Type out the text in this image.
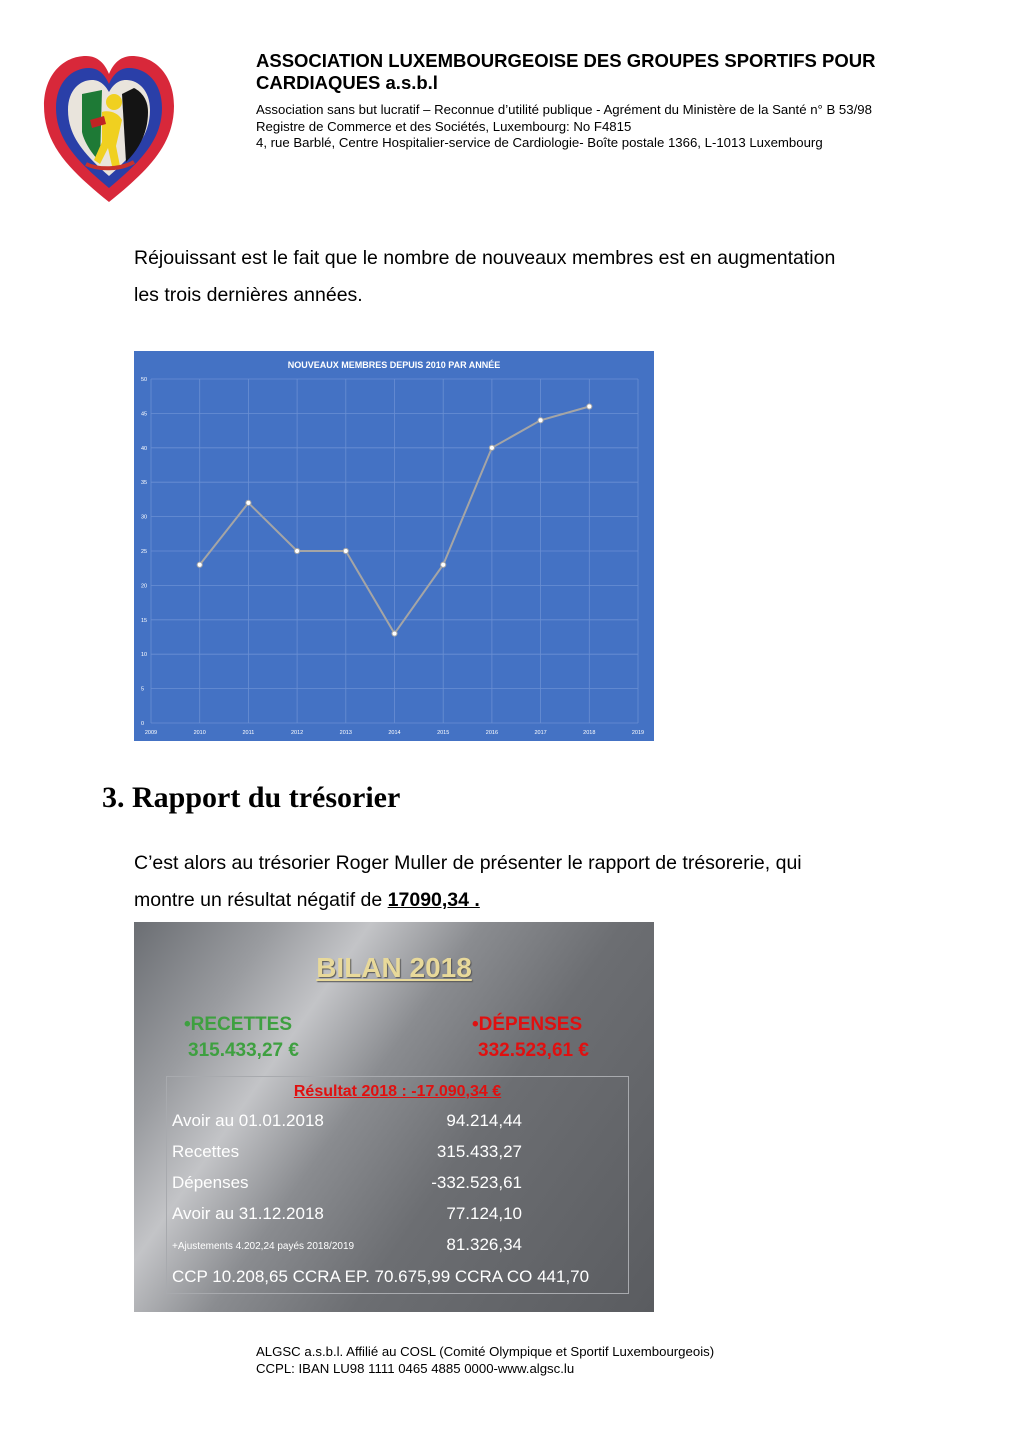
ASSOCIATION LUXEMBOURGEOISE DES GROUPES SPORTIFS POUR CARDIAQUES a.s.b.l
Association sans but lucratif – Reconnue d’utilité publique - Agrément du Ministère de la Santé n° B 53/98
Registre de Commerce et des Sociétés, Luxembourg: No F4815
4, rue Barblé, Centre Hospitalier-service de Cardiologie- Boîte postale 1366, L-1013 Luxembourg
Réjouissant est le fait que le nombre de nouveaux membres est en augmentation
les trois dernières années.
NOUVEAUX MEMBRES DEPUIS 2010 PAR ANNÉE
0
5
10
15
20
25
30
35
40
45
50
2009	2010	2011	2012	2013	2014	2015	2016	2017	2018	2019
3. Rapport du trésorier
C’est alors au trésorier Roger Muller de présenter le rapport de trésorerie, qui
montre un résultat négatif de 17090,34 .
BILAN 2018
•RECETTES
315.433,27 €
•DÉPENSES
332.523,61 €
Résultat 2018 : -17.090,34 €
Avoir au 01.01.2018	94.214,44
Recettes	315.433,27
Dépenses	-332.523,61
Avoir au 31.12.2018	77.124,10
+Ajustements 4.202,24 payés 2018/2019	81.326,34
CCP 10.208,65 CCRA EP. 70.675,99 CCRA CO 441,70
ALGSC a.s.b.l. Affilié au COSL (Comité Olympique et Sportif Luxembourgeois)
CCPL: IBAN LU98 1111 0465 4885 0000-www.algsc.lu
